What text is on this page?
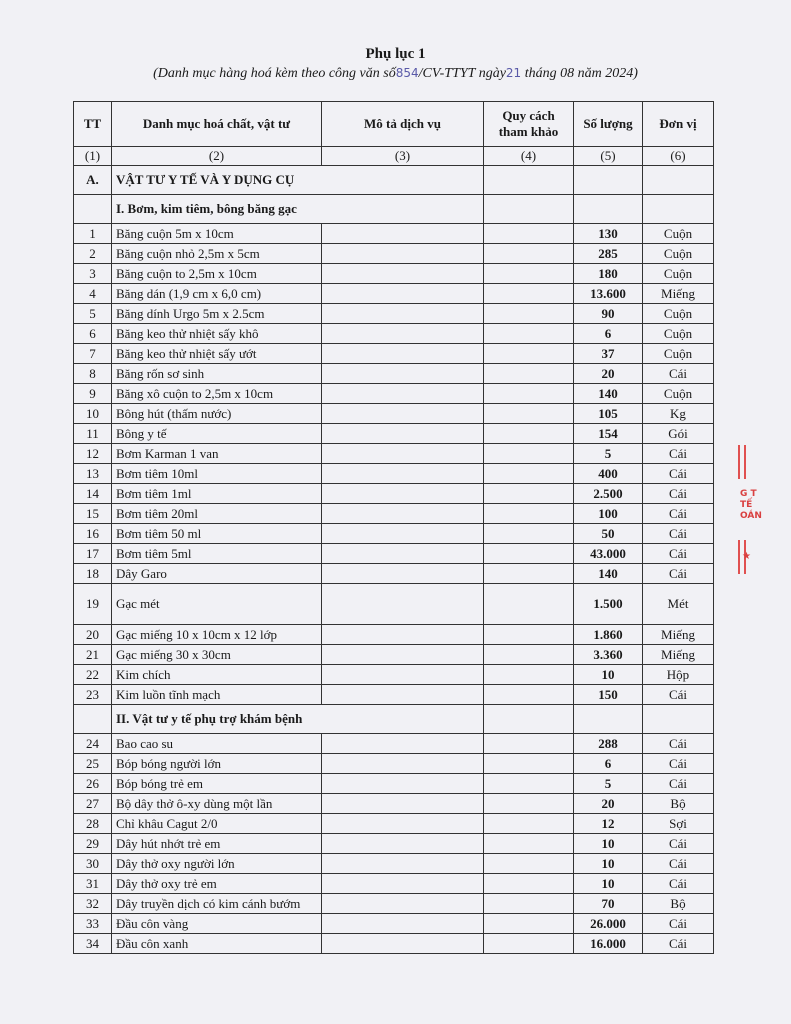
Phụ lục 1
(Danh mục hàng hoá kèm theo công văn số854/CV-TTYT ngày21 tháng 08 năm 2024)
TT	Danh mục hoá chất, vật tư	Mô tả dịch vụ	Quy cách tham khảo	Số lượng	Đơn vị
(1)	(2)	(3)	(4)	(5)	(6)
A.	VẬT TƯ Y TẾ VÀ Y DỤNG CỤ				
	I. Bơm, kim tiêm, bông băng gạc				
1	Băng cuộn 5m x 10cm			130	Cuộn
2	Băng cuộn nhỏ 2,5m x 5cm			285	Cuộn
3	Băng cuộn to 2,5m x 10cm			180	Cuộn
4	Băng dán (1,9 cm x 6,0 cm)			13.600	Miếng
5	Băng dính Urgo 5m x 2.5cm			90	Cuộn
6	Băng keo thử nhiệt sấy khô			6	Cuộn
7	Băng keo thử nhiệt sấy ướt			37	Cuộn
8	Băng rốn sơ sinh			20	Cái
9	Băng xô cuộn to 2,5m x 10cm			140	Cuộn
10	Bông hút (thấm nước)			105	Kg
11	Bông y tế			154	Gói
12	Bơm Karman 1 van			5	Cái
13	Bơm tiêm 10ml			400	Cái
14	Bơm tiêm 1ml			2.500	Cái
15	Bơm tiêm 20ml			100	Cái
16	Bơm tiêm 50 ml			50	Cái
17	Bơm tiêm 5ml			43.000	Cái
18	Dây Garo			140	Cái
19	Gạc mét			1.500	Mét
20	Gạc miếng 10 x 10cm x 12 lớp			1.860	Miếng
21	Gạc miếng 30 x 30cm			3.360	Miếng
22	Kim chích			10	Hộp
23	Kim luồn tĩnh mạch			150	Cái
	II. Vật tư y tế phụ trợ khám bệnh				
24	Bao cao su			288	Cái
25	Bóp bóng người lớn			6	Cái
26	Bóp bóng trẻ em			5	Cái
27	Bộ dây thở ô-xy dùng một lần			20	Bộ
28	Chỉ khâu Cagut 2/0			12	Sợi
29	Dây hút nhớt trẻ em			10	Cái
30	Dây thở oxy người lớn			10	Cái
31	Dây thở oxy trẻ em			10	Cái
32	Dây truyền dịch có kim cánh bướm			70	Bộ
33	Đầu côn vàng			26.000	Cái
34	Đầu côn xanh			16.000	Cái
G T
TẾ
OÁN
★
